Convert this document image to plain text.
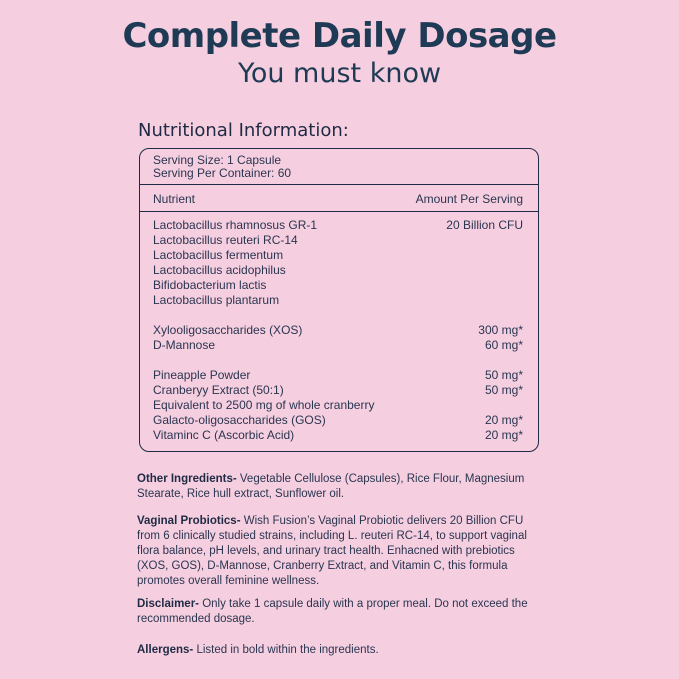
Complete Daily Dosage
You must know
Nutritional Information:
Serving Size: 1 Capsule
Serving Per Container: 60
Nutrient	Amount Per Serving
Lactobacillus rhamnosus GR-1	20 Billion CFU
Lactobacillus reuteri RC-14
Lactobacillus fermentum
Lactobacillus acidophilus
Bifidobacterium lactis
Lactobacillus plantarum
Xylooligosaccharides (XOS)	300 mg*
D-Mannose	60 mg*
Pineapple Powder	50 mg*
Cranberyy Extract (50:1)	50 mg*
Equivalent to 2500 mg of whole cranberry
Galacto-oligosaccharides (GOS)	20 mg*
Vitaminc C (Ascorbic Acid)	20 mg*
Other Ingredients- Vegetable Cellulose (Capsules), Rice Flour, Magnesium Stearate, Rice hull extract, Sunflower oil.
Vaginal Probiotics- Wish Fusion’s Vaginal Probiotic delivers 20 Billion CFU from 6 clinically studied strains, including L. reuteri RC-14, to support vaginal flora balance, pH levels, and urinary tract health. Enhacned with prebiotics (XOS, GOS), D-Mannose, Cranberry Extract, and Vitamin C, this formula promotes overall feminine wellness.
Disclaimer- Only take 1 capsule daily with a proper meal. Do not exceed the recommended dosage.
Allergens- Listed in bold within the ingredients.
